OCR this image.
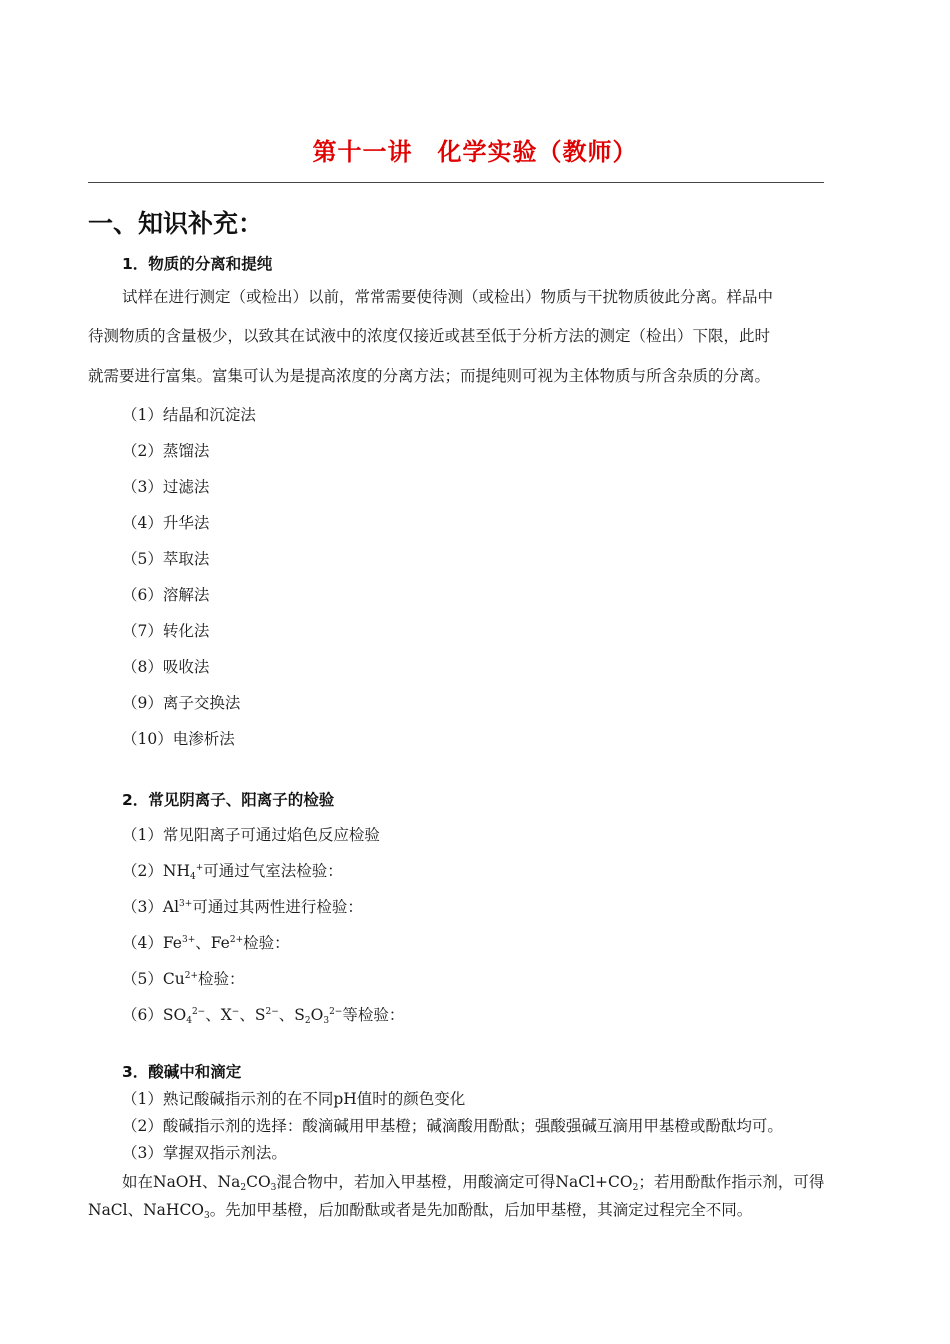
第十一讲　化学实验（教师）
一、知识补充：
1．物质的分离和提纯
试样在进行测定（或检出）以前，常常需要使待测（或检出）物质与干扰物质彼此分离。样品中
待测物质的含量极少，以致其在试液中的浓度仅接近或甚至低于分析方法的测定（检出）下限，此时
就需要进行富集。富集可认为是提高浓度的分离方法；而提纯则可视为主体物质与所含杂质的分离。
（1）结晶和沉淀法
（2）蒸馏法
（3）过滤法
（4）升华法
（5）萃取法
（6）溶解法
（7）转化法
（8）吸收法
（9）离子交换法
（10）电渗析法
2．常见阴离子、阳离子的检验
（1）常见阳离子可通过焰色反应检验
$(2)NH_4^+$可通过气室法检验：
$(3)Al^{3+}$可通过其两性进行检验：
$(4)Fe^{3+}$、$Fe^{2+}$检验：
$(5)Cu^{2+}$检验：
$(6)SO_4^{2-}$、X−、$S^{2-}$、$S_2O_3^{2-}$等检验：
3．酸碱中和滴定
（1）熟记酸碱指示剂的在不同pH值时的颜色变化
（2）酸碱指示剂的选择：酸滴碱用甲基橙；碱滴酸用酚酞；强酸强碱互滴用甲基橙或酚酞均可。
（3）掌握双指示剂法。
如在NaOH、$Na_2CO_3$混合物中，若加入甲基橙，用酸滴定可得$NaCl+CO_2$；若用酚酞作指示剂，可得
NaCl、NaHCO$_3$。先加甲基橙，后加酚酞或者是先加酚酞，后加甲基橙，其滴定过程完全不同。
